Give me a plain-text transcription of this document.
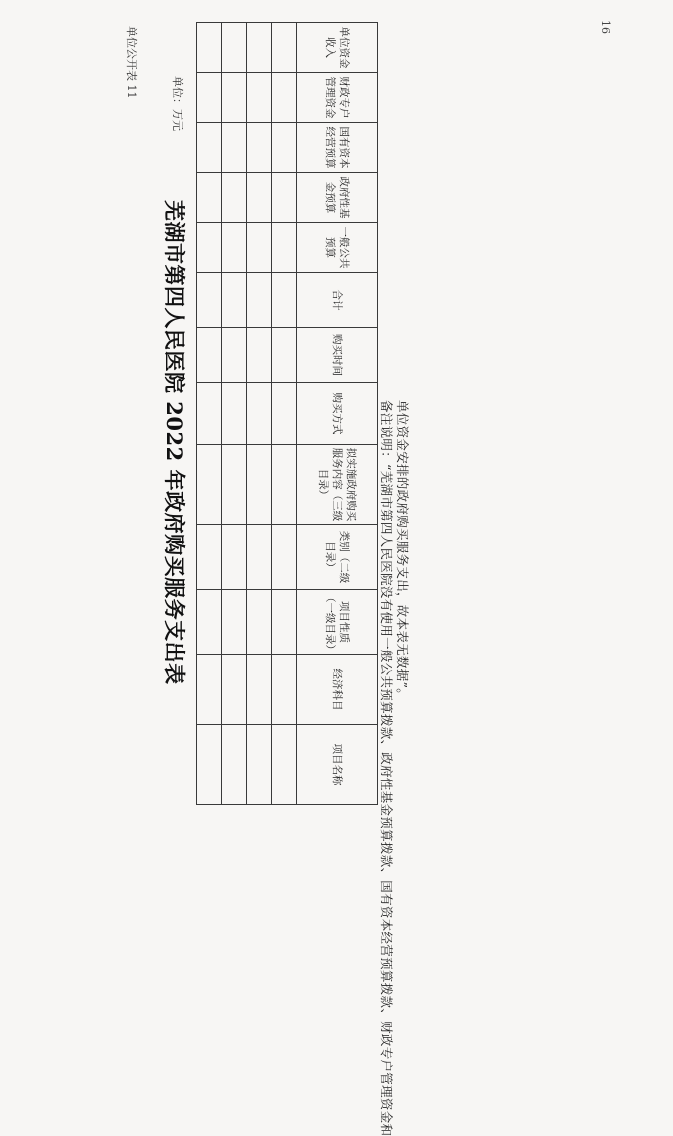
16
单位公开表 11
芜湖市第四人民医院 2022 年政府购买服务支出表
单位：万元
单位资金收入	财政专户管理资金	国有资本经营预算	政府性基金预算	一般公共预算	合计	购买时间	购买方式	拟实施政府购买服务内容（三级目录）	类别（二级目录）	项目性质（一级目录）	经济科目	项目名称

													备注说明：“芜湖市第四人民医院没有使用一般公共预算拨款、政府性基金预算拨款、国有资本经营预算拨款、财政专户管理资金和 单位资金安排的政府购买服务支出，故本表无数据”。
